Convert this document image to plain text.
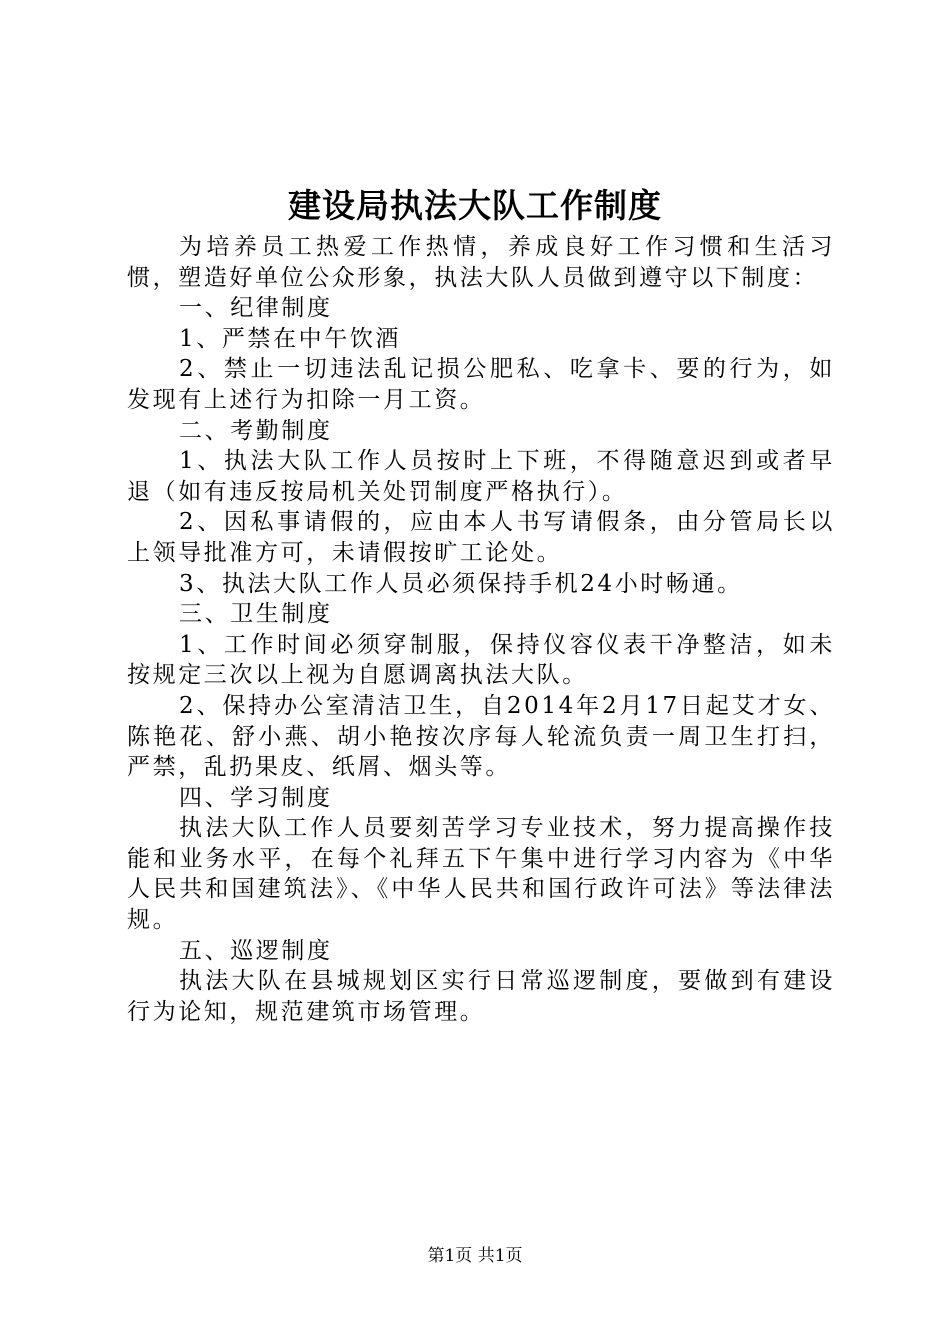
建设局执法大队工作制度

为培养员工热爱工作热情，养成良好工作习惯和生活习惯，塑造好单位公众形象，执法大队人员做到遵守以下制度：

一、纪律制度

1、严禁在中午饮酒

2、禁止一切违法乱记损公肥私、吃拿卡、要的行为，如发现有上述行为扣除一月工资。

二、考勤制度

1、执法大队工作人员按时上下班，不得随意迟到或者早退（如有违反按局机关处罚制度严格执行）。

2、因私事请假的，应由本人书写请假条，由分管局长以上领导批准方可，未请假按旷工论处。

3、执法大队工作人员必须保持手机24小时畅通。

三、卫生制度

1、工作时间必须穿制服，保持仪容仪表干净整洁，如未按规定三次以上视为自愿调离执法大队。

2、保持办公室清洁卫生，自2014年2月17日起艾才女、陈艳花、舒小燕、胡小艳按次序每人轮流负责一周卫生打扫，严禁，乱扔果皮、纸屑、烟头等。

四、学习制度

执法大队工作人员要刻苦学习专业技术，努力提高操作技能和业务水平，在每个礼拜五下午集中进行学习内容为《中华人民共和国建筑法》、《中华人民共和国行政许可法》等法律法规。

五、巡逻制度

执法大队在县城规划区实行日常巡逻制度，要做到有建设行为论知，规范建筑市场管理。

第1页 共1页
